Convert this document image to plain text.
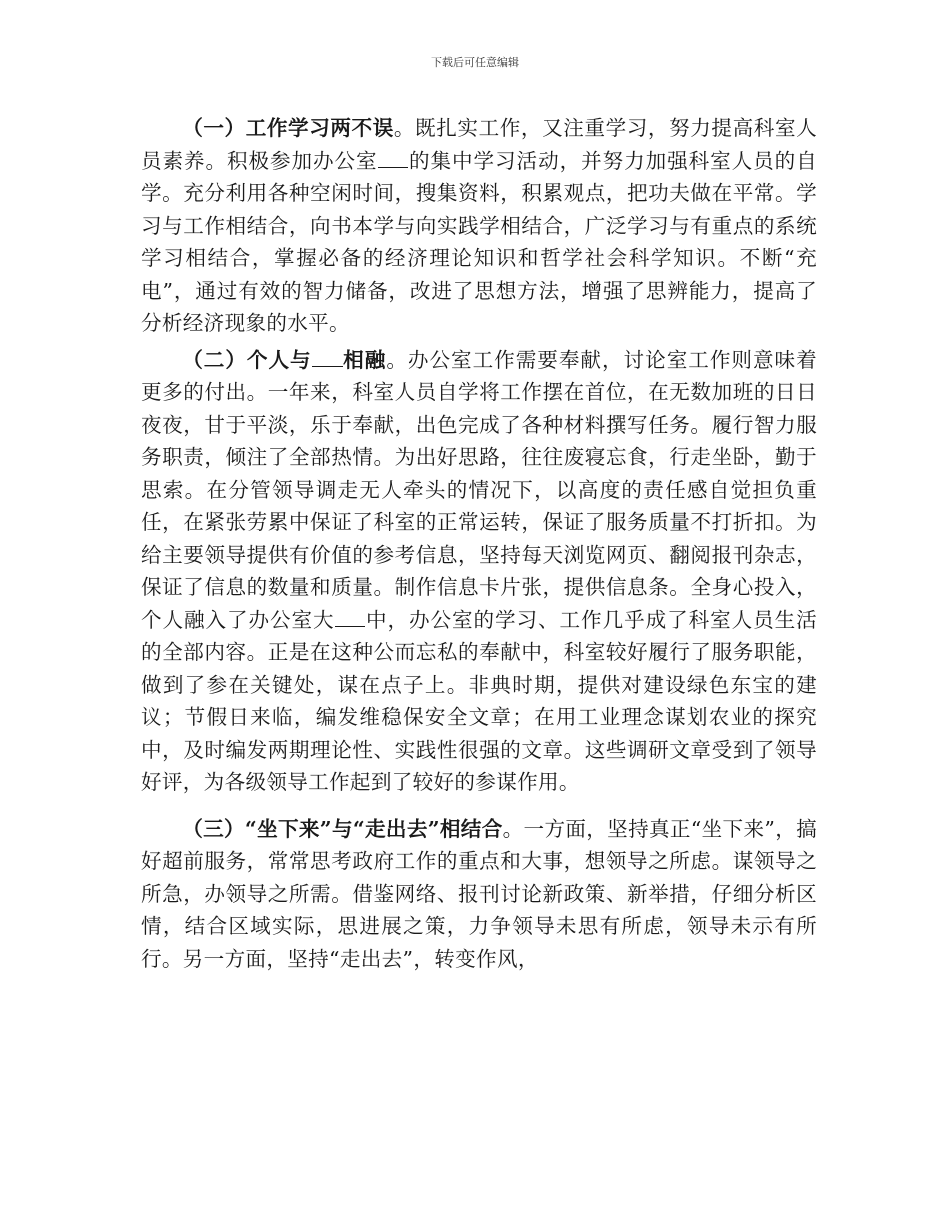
下载后可任意编辑

（一）工作学习两不误。既扎实工作，又注重学习，努力提高科室人员素养。积极参加办公室 的集中学习活动，并努力加强科室人员的自学。充分利用各种空闲时间，搜集资料，积累观点，把功夫做在平常。学习与工作相结合，向书本学与向实践学相结合，广泛学习与有重点的系统学习相结合，掌握必备的经济理论知识和哲学社会科学知识。不断“充电”，通过有效的智力储备，改进了思想方法，增强了思辨能力，提高了分析经济现象的水平。

（二）个人与 相融。办公室工作需要奉献，讨论室工作则意味着更多的付出。一年来，科室人员自学将工作摆在首位，在无数加班的日日夜夜，甘于平淡，乐于奉献，出色完成了各种材料撰写任务。履行智力服务职责，倾注了全部热情。为出好思路，往往废寝忘食，行走坐卧，勤于思索。在分管领导调走无人牵头的情况下，以高度的责任感自觉担负重任，在紧张劳累中保证了科室的正常运转，保证了服务质量不打折扣。为给主要领导提供有价值的参考信息，坚持每天浏览网页、翻阅报刊杂志，保证了信息的数量和质量。制作信息卡片张，提供信息条。全身心投入，个人融入了办公室大 中，办公室的学习、工作几乎成了科室人员生活的全部内容。正是在这种公而忘私的奉献中，科室较好履行了服务职能，做到了参在关键处，谋在点子上。非典时期，提供对建设绿色东宝的建议；节假日来临，编发维稳保安全文章；在用工业理念谋划农业的探究中，及时编发两期理论性、实践性很强的文章。这些调研文章受到了领导好评，为各级领导工作起到了较好的参谋作用。

（三）“坐下来”与“走出去”相结合。一方面，坚持真正“坐下来”，搞好超前服务，常常思考政府工作的重点和大事，想领导之所虑。谋领导之所急，办领导之所需。借鉴网络、报刊讨论新政策、新举措，仔细分析区情，结合区域实际，思进展之策，力争领导未思有所虑，领导未示有所行。另一方面，坚持“走出去”，转变作风，
